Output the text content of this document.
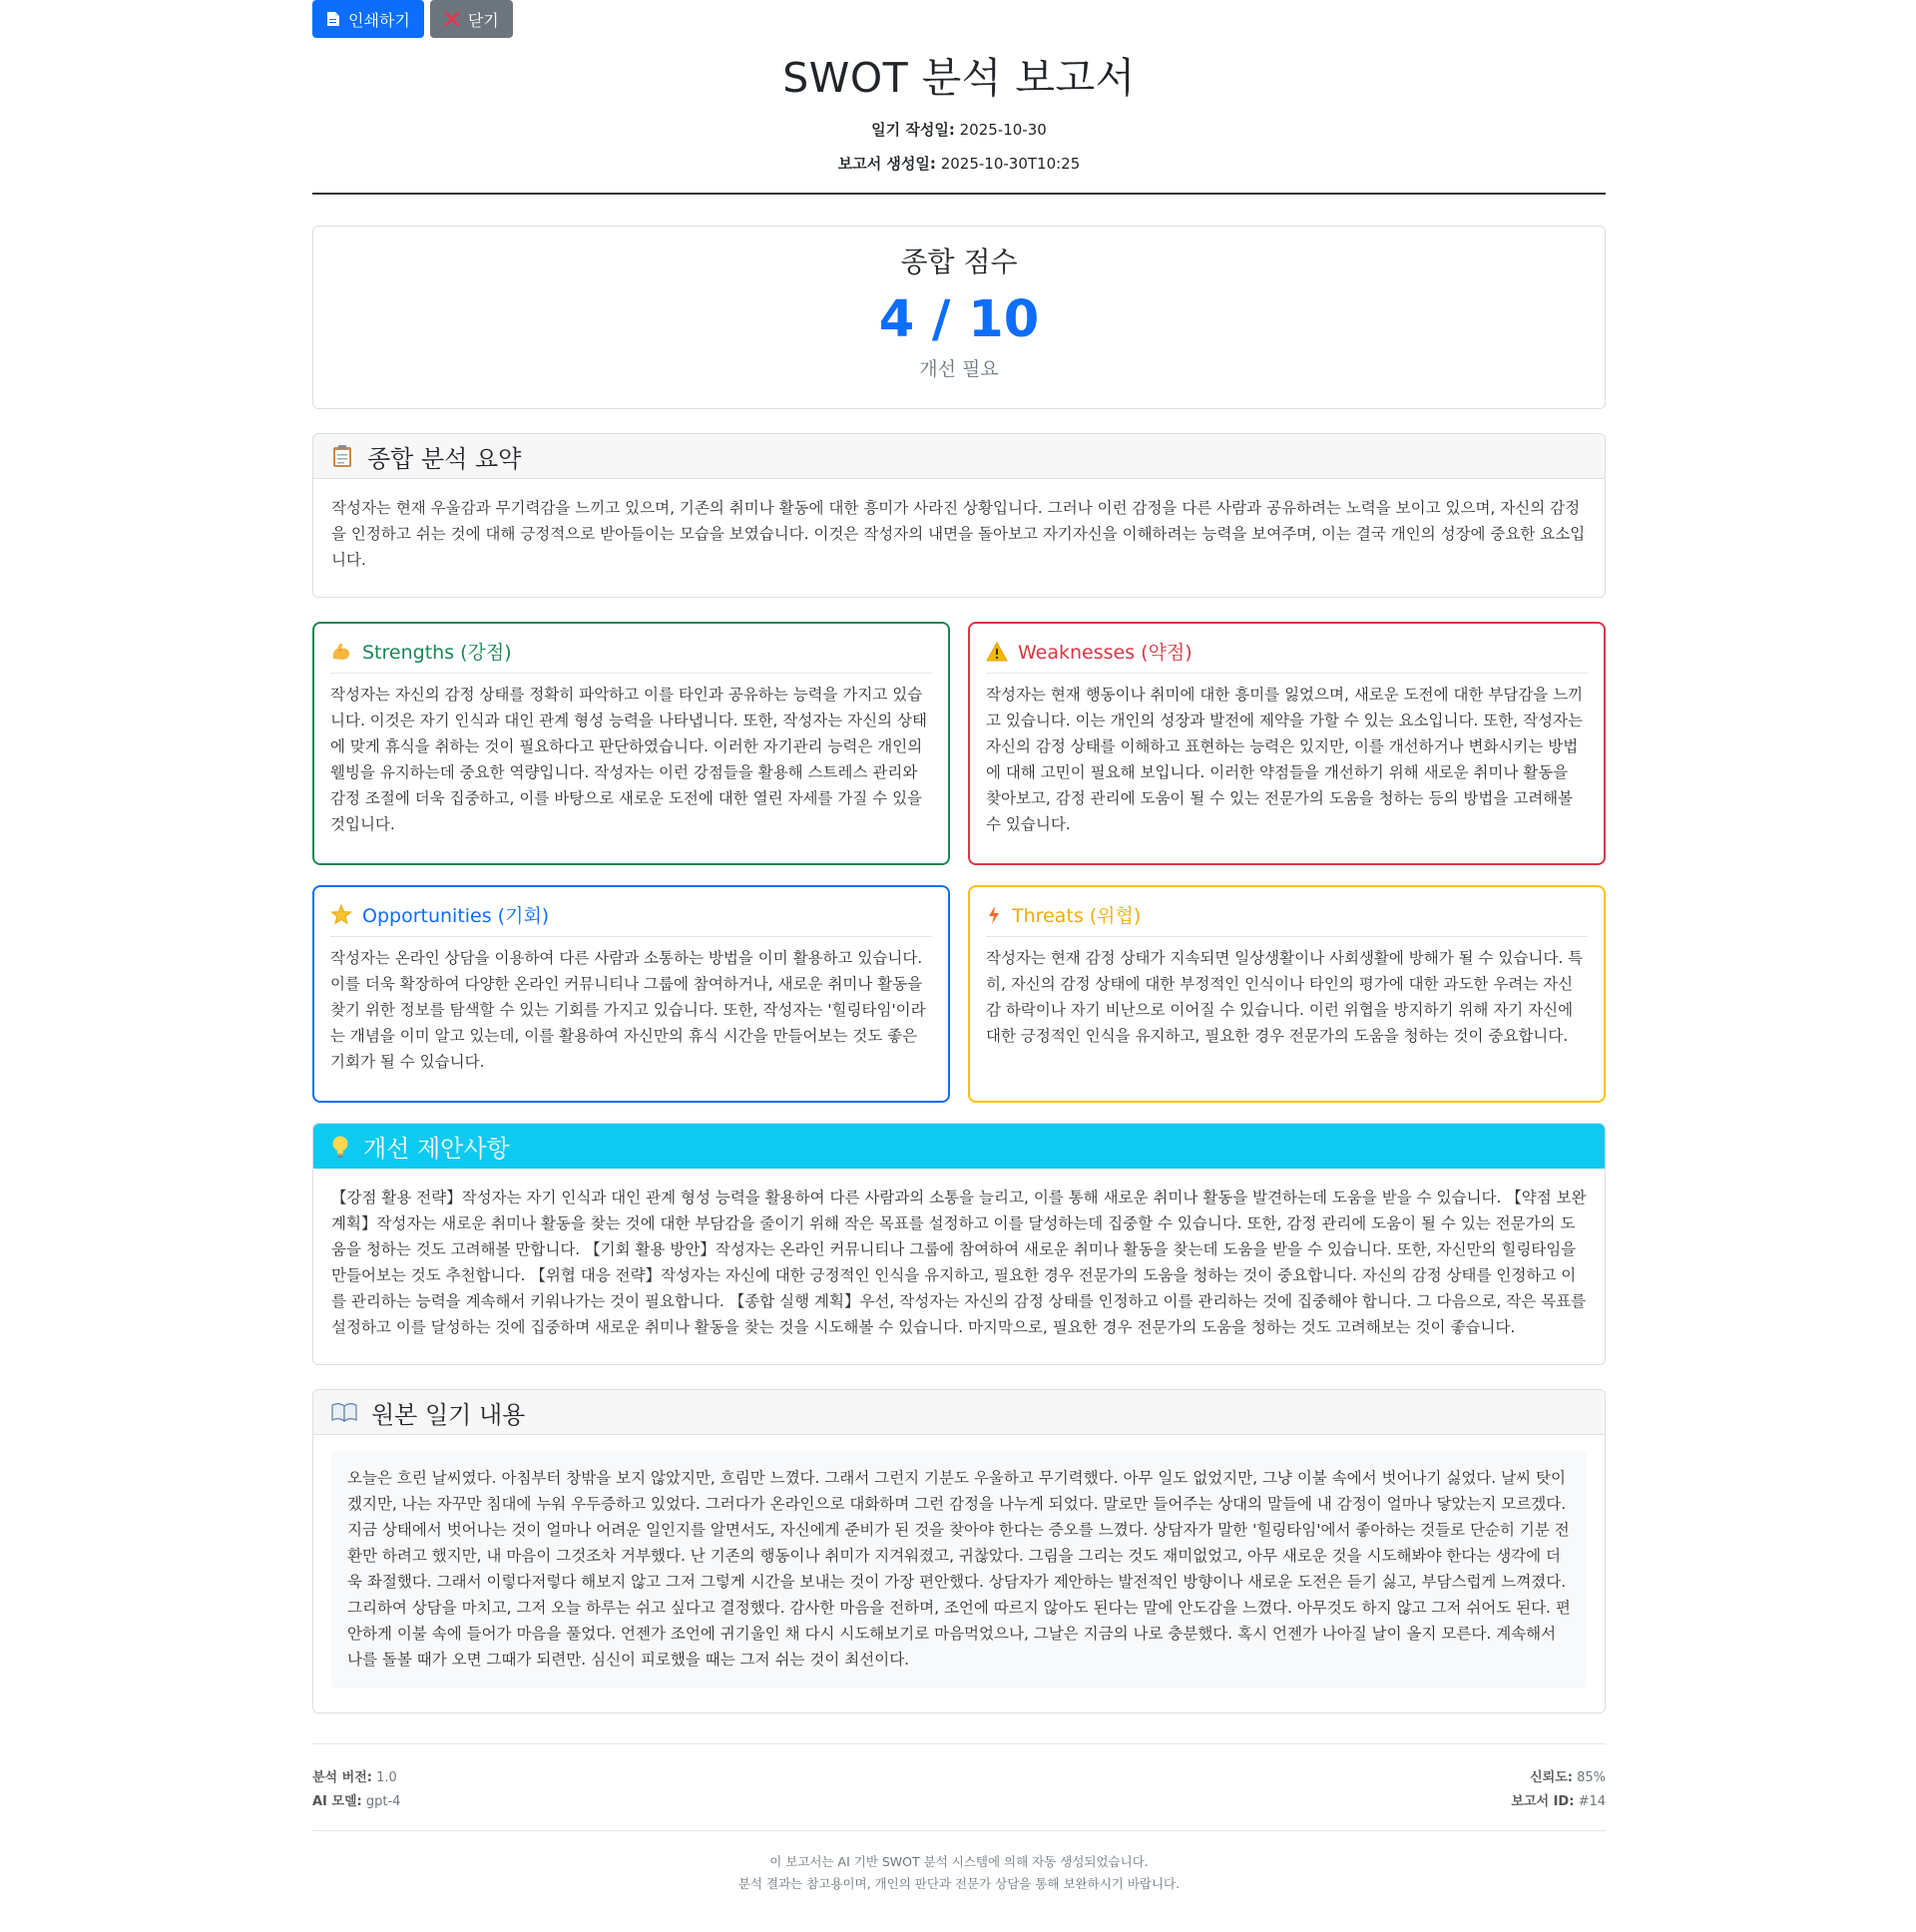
인쇄하기	닫기
SWOT 분석 보고서
일기 작성일: 2025-10-30
보고서 생성일: 2025-10-30T10:25
종합 점수
4 / 10
개선 필요
종합 분석 요약
작성자는 현재 우울감과 무기력감을 느끼고 있으며, 기존의 취미나 활동에 대한 흥미가 사라진 상황입니다. 그러나 이런 감정을 다른 사람과 공유하려는 노력을 보이고 있으며, 자신의 감정을 인정하고 쉬는 것에 대해 긍정적으로 받아들이는 모습을 보였습니다. 이것은 작성자의 내면을 돌아보고 자기자신을 이해하려는 능력을 보여주며, 이는 결국 개인의 성장에 중요한 요소입니다.
Strengths (강점)
작성자는 자신의 감정 상태를 정확히 파악하고 이를 타인과 공유하는 능력을 가지고 있습니다. 이것은 자기 인식과 대인 관계 형성 능력을 나타냅니다. 또한, 작성자는 자신의 상태에 맞게 휴식을 취하는 것이 필요하다고 판단하였습니다. 이러한 자기관리 능력은 개인의 웰빙을 유지하는데 중요한 역량입니다. 작성자는 이런 강점들을 활용해 스트레스 관리와 감정 조절에 더욱 집중하고, 이를 바탕으로 새로운 도전에 대한 열린 자세를 가질 수 있을 것입니다.
Weaknesses (약점)
작성자는 현재 행동이나 취미에 대한 흥미를 잃었으며, 새로운 도전에 대한 부담감을 느끼고 있습니다. 이는 개인의 성장과 발전에 제약을 가할 수 있는 요소입니다. 또한, 작성자는 자신의 감정 상태를 이해하고 표현하는 능력은 있지만, 이를 개선하거나 변화시키는 방법에 대해 고민이 필요해 보입니다. 이러한 약점들을 개선하기 위해 새로운 취미나 활동을 찾아보고, 감정 관리에 도움이 될 수 있는 전문가의 도움을 청하는 등의 방법을 고려해볼 수 있습니다.
Opportunities (기회)
작성자는 온라인 상담을 이용하여 다른 사람과 소통하는 방법을 이미 활용하고 있습니다. 이를 더욱 확장하여 다양한 온라인 커뮤니티나 그룹에 참여하거나, 새로운 취미나 활동을 찾기 위한 정보를 탐색할 수 있는 기회를 가지고 있습니다. 또한, 작성자는 '힐링타임'이라는 개념을 이미 알고 있는데, 이를 활용하여 자신만의 휴식 시간을 만들어보는 것도 좋은 기회가 될 수 있습니다.
Threats (위협)
작성자는 현재 감정 상태가 지속되면 일상생활이나 사회생활에 방해가 될 수 있습니다. 특히, 자신의 감정 상태에 대한 부정적인 인식이나 타인의 평가에 대한 과도한 우려는 자신감 하락이나 자기 비난으로 이어질 수 있습니다. 이런 위협을 방지하기 위해 자기 자신에 대한 긍정적인 인식을 유지하고, 필요한 경우 전문가의 도움을 청하는 것이 중요합니다.
개선 제안사항
【강점 활용 전략】작성자는 자기 인식과 대인 관계 형성 능력을 활용하여 다른 사람과의 소통을 늘리고, 이를 통해 새로운 취미나 활동을 발견하는데 도움을 받을 수 있습니다. 【약점 보완 계획】작성자는 새로운 취미나 활동을 찾는 것에 대한 부담감을 줄이기 위해 작은 목표를 설정하고 이를 달성하는데 집중할 수 있습니다. 또한, 감정 관리에 도움이 될 수 있는 전문가의 도움을 청하는 것도 고려해볼 만합니다. 【기회 활용 방안】작성자는 온라인 커뮤니티나 그룹에 참여하여 새로운 취미나 활동을 찾는데 도움을 받을 수 있습니다. 또한, 자신만의 힐링타임을 만들어보는 것도 추천합니다. 【위협 대응 전략】작성자는 자신에 대한 긍정적인 인식을 유지하고, 필요한 경우 전문가의 도움을 청하는 것이 중요합니다. 자신의 감정 상태를 인정하고 이를 관리하는 능력을 계속해서 키워나가는 것이 필요합니다. 【종합 실행 계획】우선, 작성자는 자신의 감정 상태를 인정하고 이를 관리하는 것에 집중해야 합니다. 그 다음으로, 작은 목표를 설정하고 이를 달성하는 것에 집중하며 새로운 취미나 활동을 찾는 것을 시도해볼 수 있습니다. 마지막으로, 필요한 경우 전문가의 도움을 청하는 것도 고려해보는 것이 좋습니다.
원본 일기 내용
오늘은 흐린 날씨였다. 아침부터 창밖을 보지 않았지만, 흐림만 느꼈다. 그래서 그런지 기분도 우울하고 무기력했다. 아무 일도 없었지만, 그냥 이불 속에서 벗어나기 싫었다. 날씨 탓이겠지만, 나는 자꾸만 침대에 누워 우두증하고 있었다. 그러다가 온라인으로 대화하며 그런 감정을 나누게 되었다. 말로만 들어주는 상대의 말들에 내 감정이 얼마나 닿았는지 모르겠다. 지금 상태에서 벗어나는 것이 얼마나 어려운 일인지를 알면서도, 자신에게 준비가 된 것을 찾아야 한다는 증오를 느꼈다. 상담자가 말한 '힐링타임'에서 좋아하는 것들로 단순히 기분 전환만 하려고 했지만, 내 마음이 그것조차 거부했다. 난 기존의 행동이나 취미가 지겨워졌고, 귀찮았다. 그림을 그리는 것도 재미없었고, 아무 새로운 것을 시도해봐야 한다는 생각에 더욱 좌절했다. 그래서 이렇다저렇다 해보지 않고 그저 그렇게 시간을 보내는 것이 가장 편안했다. 상담자가 제안하는 발전적인 방향이나 새로운 도전은 듣기 싫고, 부담스럽게 느껴졌다. 그리하여 상담을 마치고, 그저 오늘 하루는 쉬고 싶다고 결정했다. 감사한 마음을 전하며, 조언에 따르지 않아도 된다는 말에 안도감을 느꼈다. 아무것도 하지 않고 그저 쉬어도 된다. 편안하게 이불 속에 들어가 마음을 풀었다. 언젠가 조언에 귀기울인 채 다시 시도해보기로 마음먹었으나, 그날은 지금의 나로 충분했다. 혹시 언젠가 나아질 날이 올지 모른다. 계속해서 나를 돌볼 때가 오면 그때가 되련만. 심신이 피로했을 때는 그저 쉬는 것이 최선이다.
분석 버전: 1.0
AI 모델: gpt-4
신뢰도: 85%
보고서 ID: #14
이 보고서는 AI 기반 SWOT 분석 시스템에 의해 자동 생성되었습니다.
분석 결과는 참고용이며, 개인의 판단과 전문가 상담을 통해 보완하시기 바랍니다.
